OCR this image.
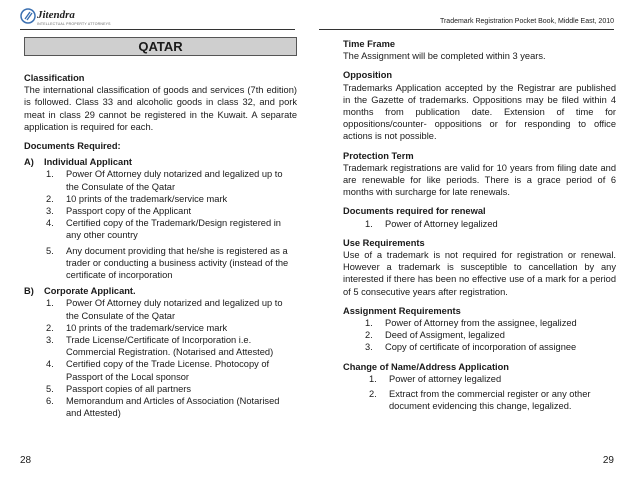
Jitendra
INTELLECTUAL PROPERTY ATTORNEYS
QATAR
Classification

The international classification of goods and services (7th edition) is followed. Class 33 and alcoholic goods in class 32, and pork meat in class 29 cannot be registered in the Kuwait. A separate application is required for each.

Documents Required:
A)	Individual Applicant
1.	Power Of Attorney duly notarized and legalized up to the Consulate of the Qatar
2.	10 prints of the trademark/service mark
3.	Passport copy of the Applicant
4.	Certified copy of the Trademark/Design registered in any other country
5.	Any document providing that he/she is registered as a trader or conducting a business activity (instead of the certificate of incorporation
B)	Corporate Applicant.
1.	Power Of Attorney duly notarized and legalized up to the Consulate of the Qatar
2.	10 prints of the trademark/service mark
3.	Trade License/Certificate of Incorporation i.e. Commercial Registration. (Notarised and Attested)
4.	Certified copy of the Trade License. Photocopy of Passport of the Local sponsor
5.	Passport copies of all partners
6.	Memorandum and Articles of Association (Notarised and Attested)
28
Trademark Registration Pocket Book, Middle East, 2010
Time Frame

The Assignment will be completed within 3 years.

Opposition

Trademarks Application accepted by the Registrar are published in the Gazette of trademarks. Oppositions may be filed within 4 months from publication date. Extension of time for oppositions/counter- oppositions or for responding to office actions is not possible.

Protection Term

Trademark registrations are valid for 10 years from filing date and are renewable for like periods. There is a grace period of 6 months with surcharge for late renewals.

Documents required for renewal
1.	Power of Attorney legalized
Use Requirements

Use of a trademark is not required for registration or renewal. However a trademark is susceptible to cancellation by any interested if there has been no effective use of a mark for a period of 5 consecutive years after registration.

Assignment Requirements
1.	Power of Attorney from the assignee, legalized
2.	Deed of Assigment, legalized
3.	Copy of certificate of incorporation of assignee
Change of Name/Address Application
1.	Power of attorney legalized
2.	Extract from the commercial register or any other document evidencing this change, legalized.
29
